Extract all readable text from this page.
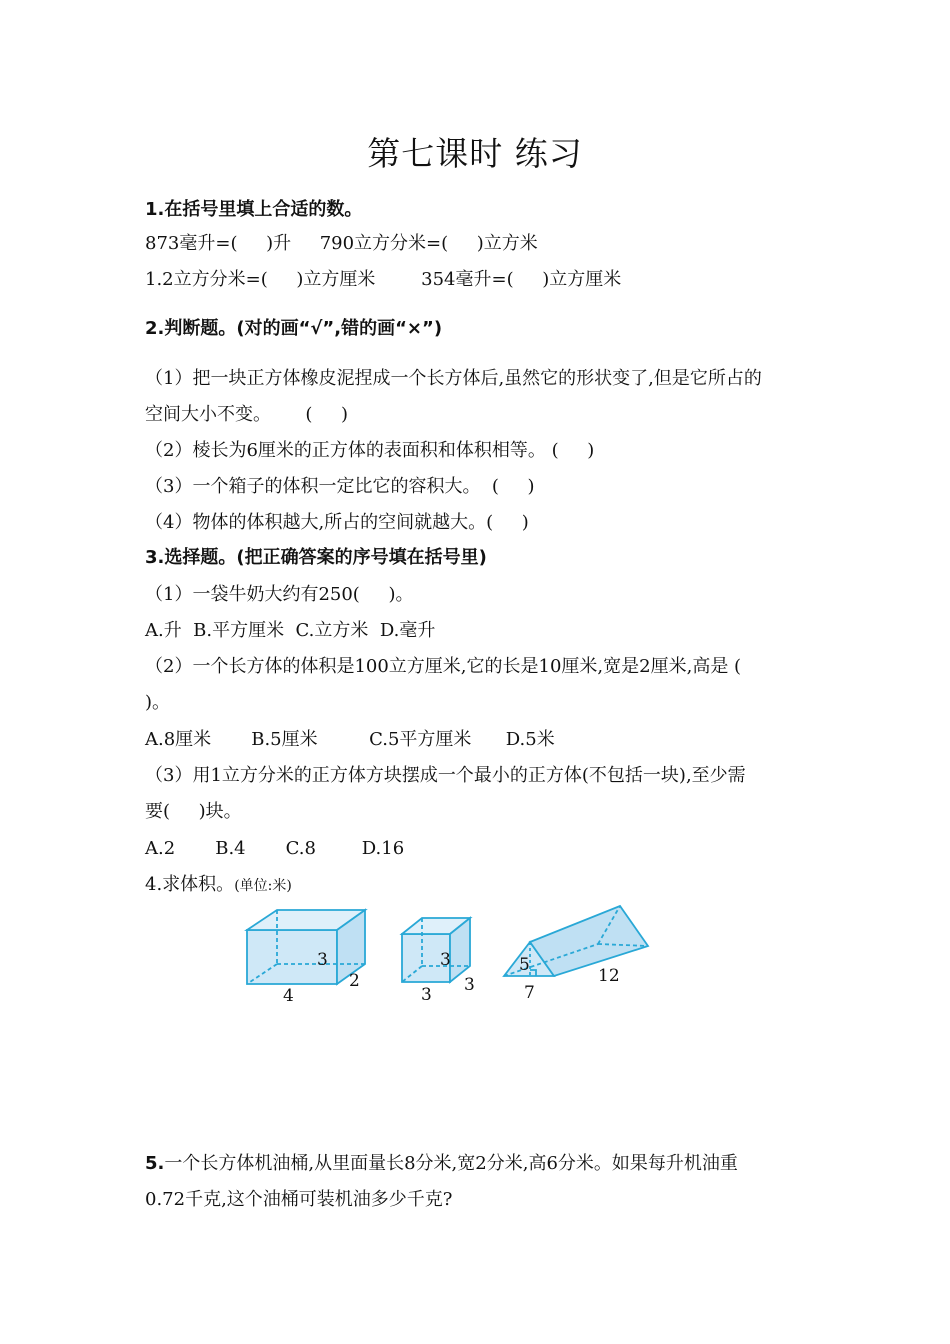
第七课时 练习
1.在括号里填上合适的数。
873毫升=(     )升     790立方分米=(     )立方米
1.2立方分米=(     )立方厘米        354毫升=(     )立方厘米
2.判断题。(对的画“√”,错的画“×”)
（1）把一块正方体橡皮泥捏成一个长方体后,虽然它的形状变了,但是它所占的
空间大小不变。      (     )
（2）棱长为6厘米的正方体的表面积和体积相等。 (     )
（3）一个箱子的体积一定比它的容积大。  (     )
（4）物体的体积越大,所占的空间就越大。(     )
3.选择题。(把正确答案的序号填在括号里)
（1）一袋牛奶大约有250(     )。
A.升  B.平方厘米  C.立方米  D.毫升
（2）一个长方体的体积是100立方厘米,它的长是10厘米,宽是2厘米,高是 (
)。
A.8厘米       B.5厘米         C.5平方厘米      D.5米
（3）用1立方分米的正方体方块摆成一个最小的正方体(不包括一块),至少需
要(     )块。
A.2       B.4       C.8        D.16
4.求体积。(单位:米)
3
2
4
3
3
3
5
7
12
5.一个长方体机油桶,从里面量长8分米,宽2分米,高6分米。如果每升机油重
0.72千克,这个油桶可装机油多少千克?
